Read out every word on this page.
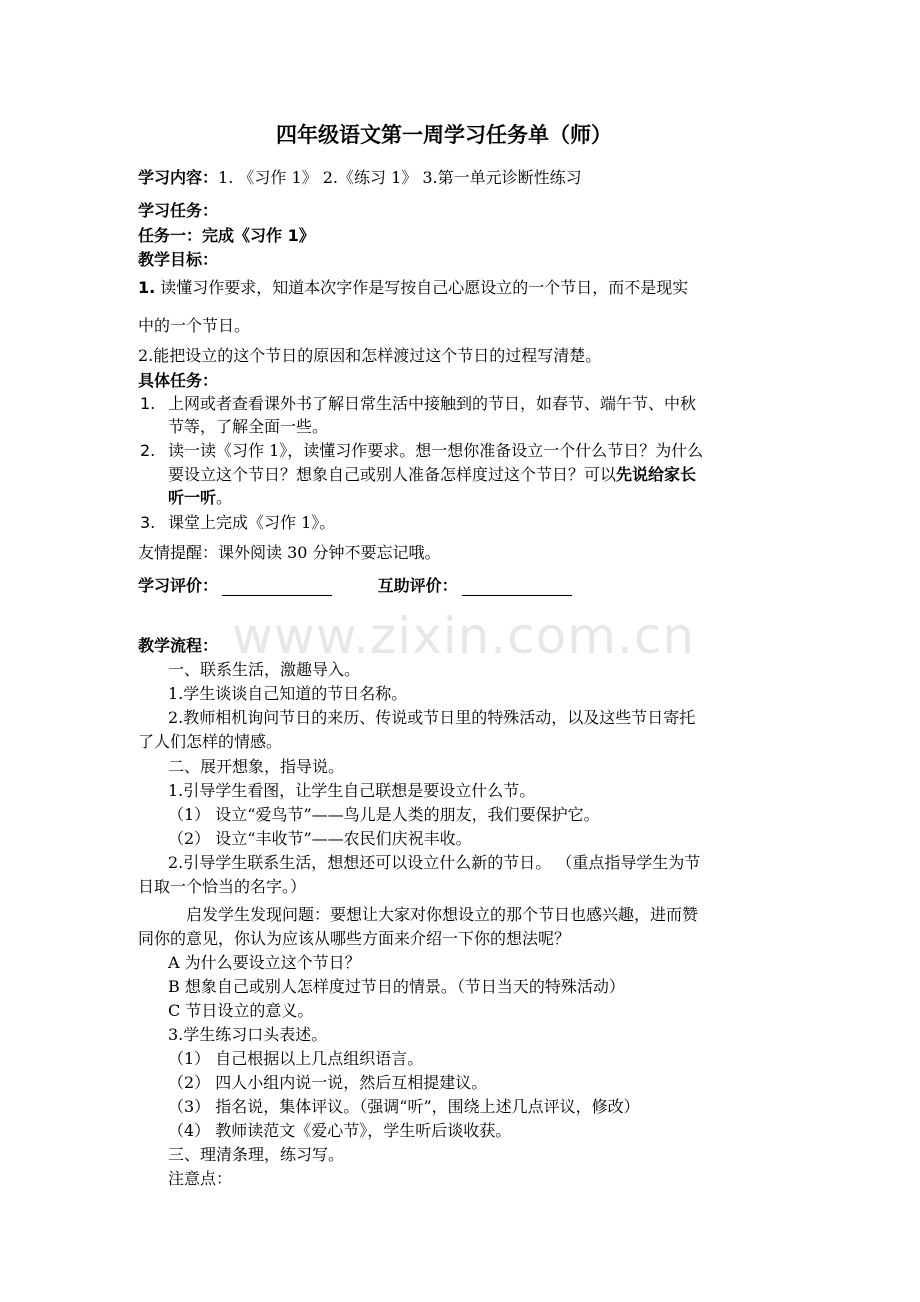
四年级语文第一周学习任务单（师）
学习内容：1. 《习作 1》 2.《练习 1》 3.第一单元诊断性练习
学习任务：
任务一：完成《习作 1》
教学目标：
1. 读懂习作要求，知道本次字作是写按自己心愿设立的一个节日，而不是现实
中的一个节日。
2.能把设立的这个节日的原因和怎样渡过这个节日的过程写清楚。
具体任务：
1. 上网或者查看课外书了解日常生活中接触到的节日，如春节、端午节、中秋
节等，了解全面一些。
2. 读一读《习作 1》，读懂习作要求。想一想你准备设立一个什么节日？为什么
要设立这个节日？想象自己或别人准备怎样度过这个节日？可以先说给家长
听一听。
3. 课堂上完成《习作 1》。
友情提醒：课外阅读 30 分钟不要忘记哦。
学习评价：	互助评价：
www.zixin.com.cn
教学流程：
一、联系生活，激趣导入。
1.学生谈谈自己知道的节日名称。
2.教师相机询问节日的来历、传说或节日里的特殊活动，以及这些节日寄托
了人们怎样的情感。
二、展开想象，指导说。
1.引导学生看图，让学生自己联想是要设立什么节。
（1） 设立“爱鸟节”——鸟儿是人类的朋友，我们要保护它。
（2） 设立“丰收节”——农民们庆祝丰收。
2.引导学生联系生活，想想还可以设立什么新的节日。 （重点指导学生为节
日取一个恰当的名字。）
启发学生发现问题：要想让大家对你想设立的那个节日也感兴趣，进而赞
同你的意见，你认为应该从哪些方面来介绍一下你的想法呢？
A 为什么要设立这个节日？
B 想象自己或别人怎样度过节日的情景。（节日当天的特殊活动）
C 节日设立的意义。
3.学生练习口头表述。
（1） 自己根据以上几点组织语言。
（2） 四人小组内说一说，然后互相提建议。
（3） 指名说，集体评议。（强调“听”，围绕上述几点评议，修改）
（4） 教师读范文《爱心节》，学生听后谈收获。
三、理清条理，练习写。
注意点：
